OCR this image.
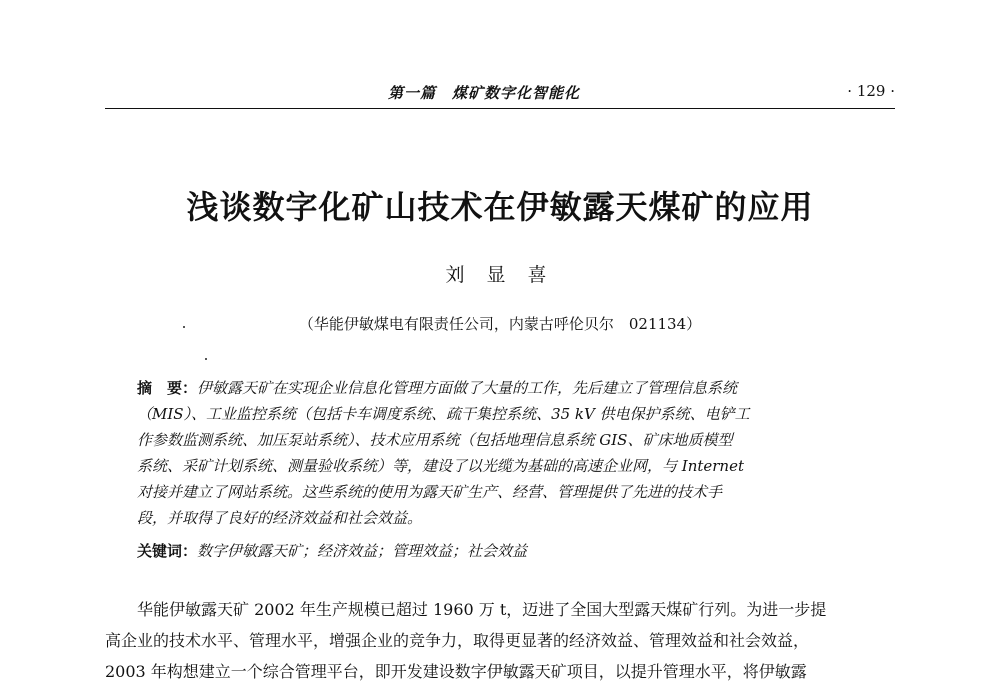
第一篇　煤矿数字化智能化	· 129 ·
浅谈数字化矿山技术在伊敏露天煤矿的应用
刘 显 喜
（华能伊敏煤电有限责任公司，内蒙古呼伦贝尔　021134）
摘　要：伊敏露天矿在实现企业信息化管理方面做了大量的工作，先后建立了管理信息系统
（MIS）、工业监控系统（包括卡车调度系统、疏干集控系统、35 kV 供电保护系统、电铲工
作参数监测系统、加压泵站系统）、技术应用系统（包括地理信息系统 GIS、矿床地质模型
系统、采矿计划系统、测量验收系统）等，建设了以光缆为基础的高速企业网，与 Internet
对接并建立了网站系统。这些系统的使用为露天矿生产、经营、管理提供了先进的技术手
段，并取得了良好的经济效益和社会效益。
关键词：数字伊敏露天矿；经济效益；管理效益；社会效益
华能伊敏露天矿 2002 年生产规模已超过 1960 万 t，迈进了全国大型露天煤矿行列。为进一步提
高企业的技术水平、管理水平，增强企业的竞争力，取得更显著的经济效益、管理效益和社会效益，
2003 年构想建立一个综合管理平台，即开发建设数字伊敏露天矿项目，以提升管理水平，将伊敏露
